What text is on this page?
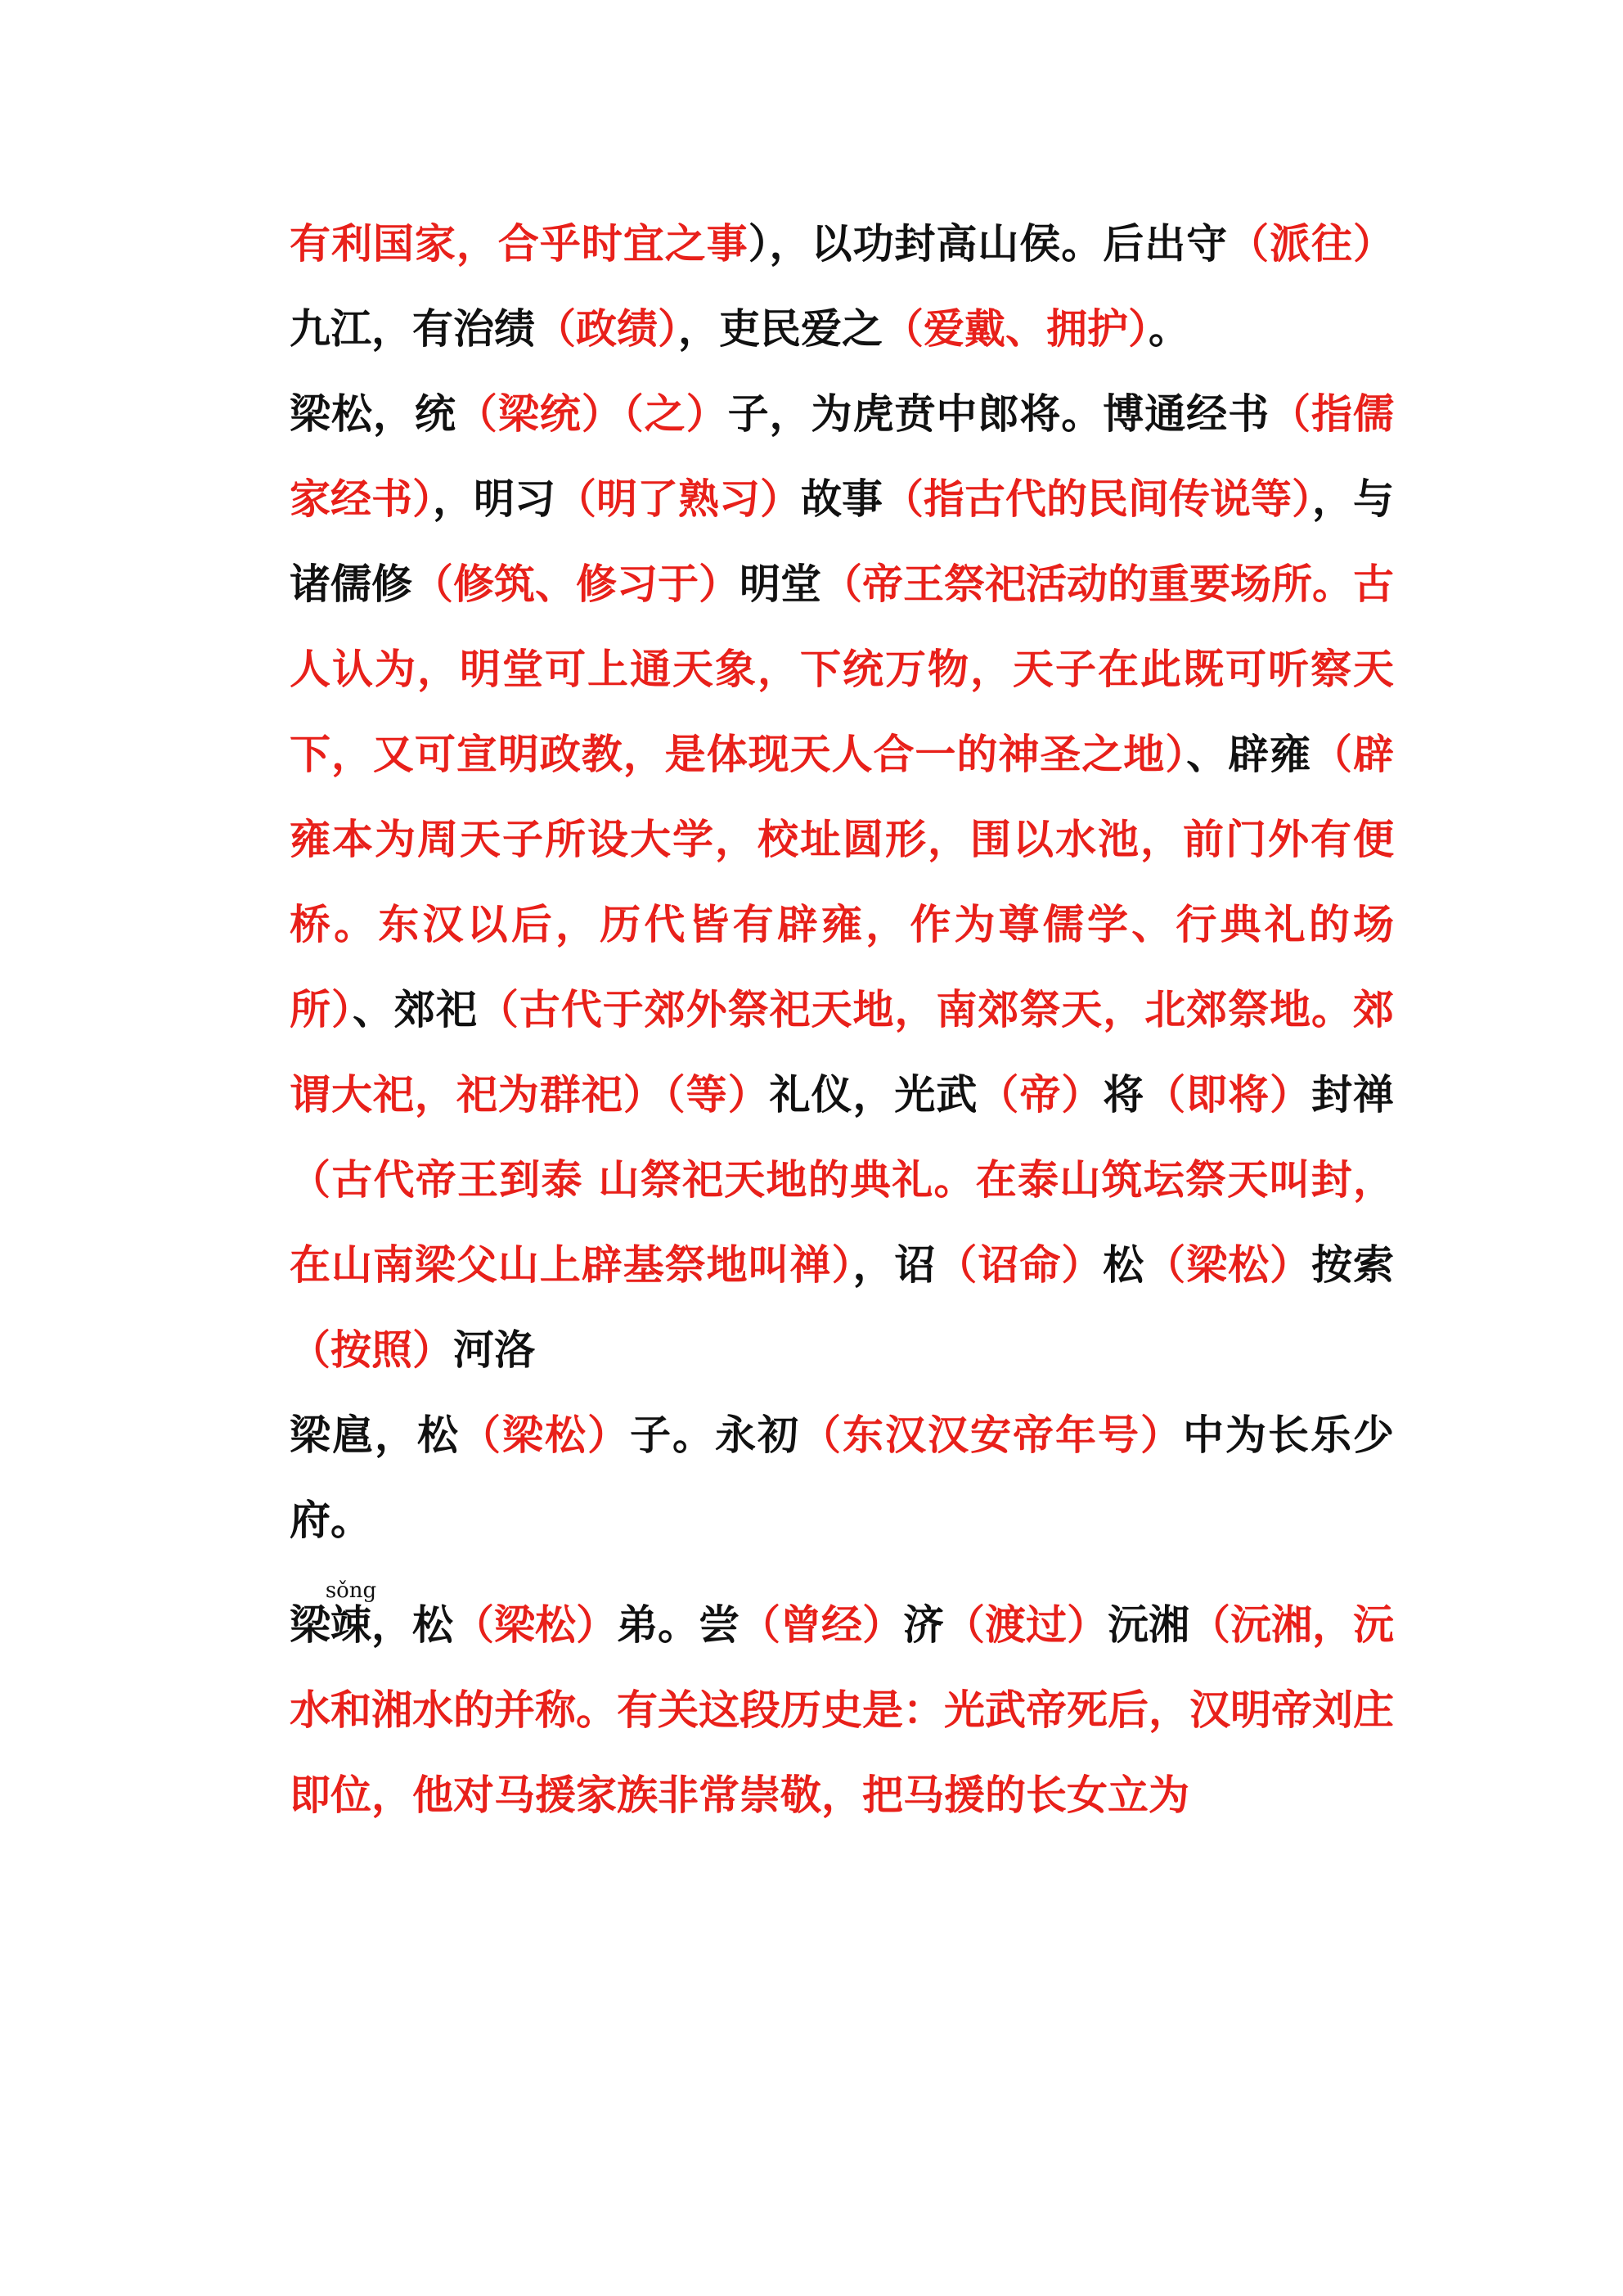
有利国家，合乎时宜之事），以功封高山侯。后出守（派往）九江，有治绩（政绩），吏民爱之（爱戴、拥护）。

梁松，统（梁统）（之）子，为虎贲中郎将。博通经书（指儒家经书），明习（明了熟习）故事（指古代的民间传说等），与诸儒修（修筑、修习于）明堂（帝王祭祀活动的重要场所。古人认为，明堂可上通天象，下统万物，天子在此既可听察天下，又可宣明政教，是体现天人合一的神圣之地）、辟雍（辟雍本为周天子所设大学，校址圆形，围以水池，前门外有便桥。东汉以后，历代皆有辟雍，作为尊儒学、行典礼的场所）、郊祀（古代于郊外祭祀天地，南郊祭天，北郊祭地。郊谓大祀，祀为群祀）（等）礼仪，光武（帝）将（即将）封禅（古代帝王到泰 山祭祀天地的典礼。在泰山筑坛祭天叫封，在山南梁父山上辟基祭地叫禅），诏（诏命）松（梁松）按索（按照）河洛

梁扈，松（梁松）子。永初（东汉汉安帝年号）中为长乐少府。

梁竦sǒng，松（梁松）弟。尝（曾经）济（渡过）沅湘（沅湘，沅水和湘水的并称。有关这段历史是：光武帝死后，汉明帝刘庄即位，他对马援家族非常崇敬，把马援的长女立为
